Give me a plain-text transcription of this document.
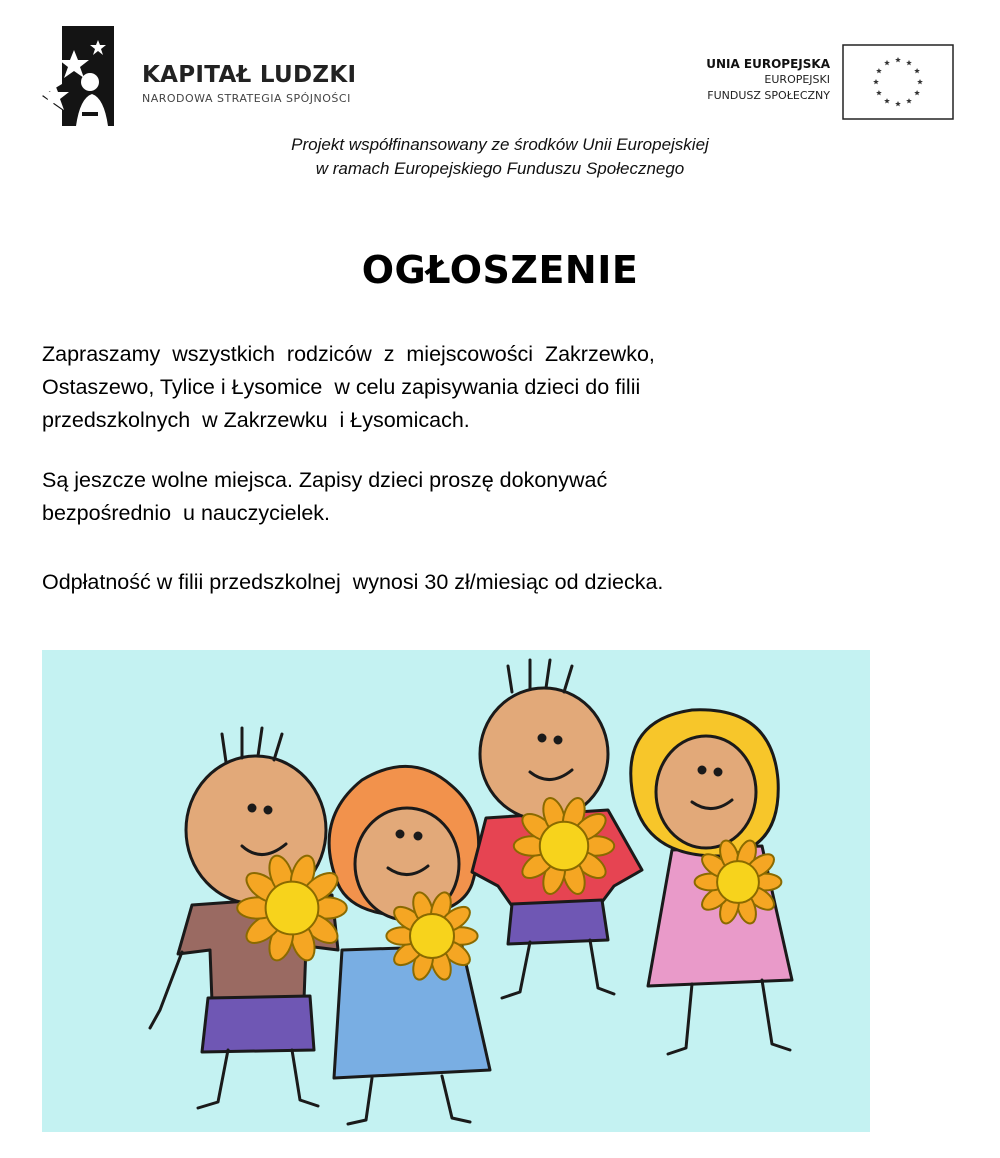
KAPITAŁ LUDZKI
NARODOWA STRATEGIA SPÓJNOŚCI
UNIA EUROPEJSKA
EUROPEJSKI
FUNDUSZ SPOŁECZNY
Projekt współfinansowany ze środków Unii Europejskiej
w ramach Europejskiego Funduszu Społecznego
OGŁOSZENIE
Zapraszamy  wszystkich  rodziców  z  miejscowości  Zakrzewko,
Ostaszewo, Tylice i Łysomice  w celu zapisywania dzieci do filii
przedszkolnych  w Zakrzewku  i Łysomicach.
Są jeszcze wolne miejsca. Zapisy dzieci proszę dokonywać
bezpośrednio  u nauczycielek.
Odpłatność w filii przedszkolnej  wynosi 30 zł/miesiąc od dziecka.
